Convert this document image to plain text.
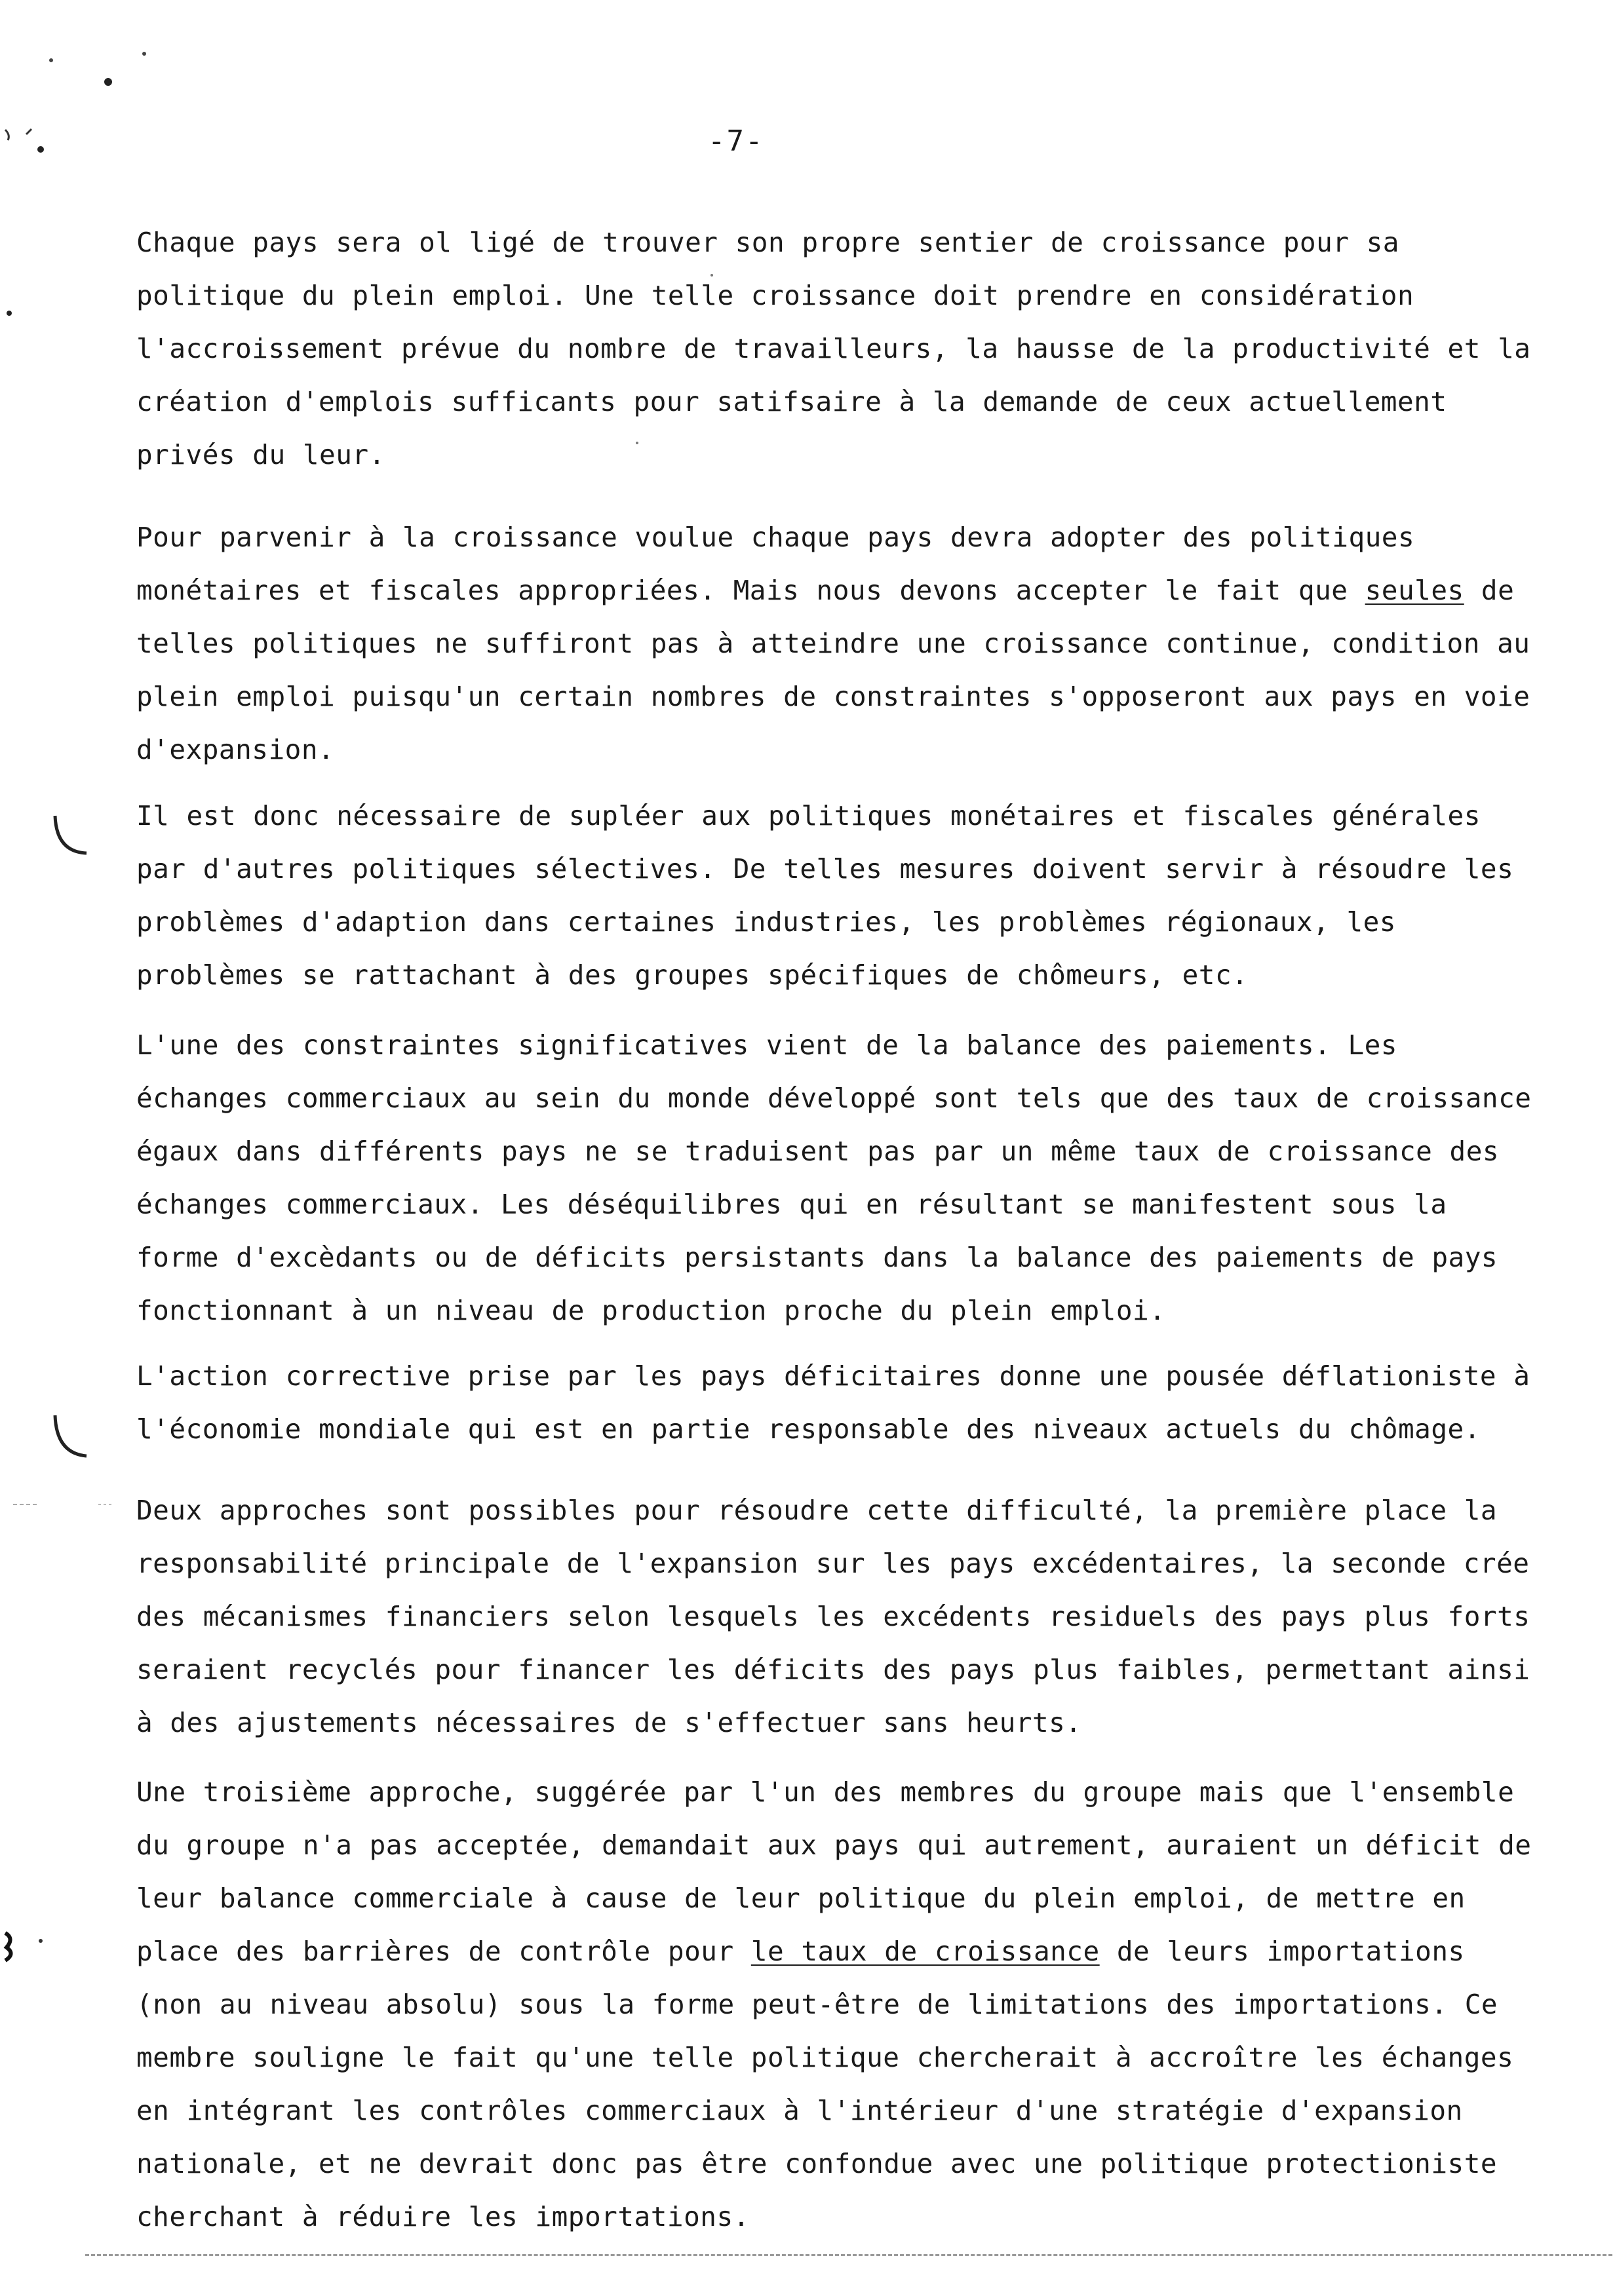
-7-

Chaque pays sera ol ligé de trouver son propre sentier de croissance pour sa politique du plein emploi. Une telle croissance doit prendre en considération l'accroissement prévue du nombre de travailleurs, la hausse de la productivité et la création d'emplois sufficants pour satifsaire à la demande de ceux actuellement privés du leur.

Pour parvenir à la croissance voulue chaque pays devra adopter des politiques monétaires et fiscales appropriées. Mais nous devons accepter le fait que seules de telles politiques ne suffiront pas à atteindre une croissance continue, condition au plein emploi puisqu'un certain nombres de constraintes s'opposeront aux pays en voie d'expansion.

Il est donc nécessaire de supléer aux politiques monétaires et fiscales générales par d'autres politiques sélectives. De telles mesures doivent servir à résoudre les problèmes d'adaption dans certaines industries, les problèmes régionaux, les problèmes se rattachant à des groupes spécifiques de chômeurs, etc.

L'une des constraintes significatives vient de la balance des paiements. Les échanges commerciaux au sein du monde développé sont tels que des taux de croissance égaux dans différents pays ne se traduisent pas par un même taux de croissance des échanges commerciaux. Les déséquilibres qui en résultant se manifestent sous la forme d'excèdants ou de déficits persistants dans la balance des paiements de pays fonctionnant à un niveau de production proche du plein emploi.

L'action corrective prise par les pays déficitaires donne une pousée déflationiste à l'économie mondiale qui est en partie responsable des niveaux actuels du chômage.

Deux approches sont possibles pour résoudre cette difficulté, la première place la responsabilité principale de l'expansion sur les pays excédentaires, la seconde crée des mécanismes financiers selon lesquels les excédents residuels des pays plus forts seraient recyclés pour financer les déficits des pays plus faibles, permettant ainsi à des ajustements nécessaires de s'effectuer sans heurts.

Une troisième approche, suggérée par l'un des membres du groupe mais que l'ensemble du groupe n'a pas acceptée, demandait aux pays qui autrement, auraient un déficit de leur balance commerciale à cause de leur politique du plein emploi, de mettre en place des barrières de contrôle pour le taux de croissance de leurs importations (non au niveau absolu) sous la forme peut-être de limitations des importations. Ce membre souligne le fait qu'une telle politique chercherait à accroître les échanges en intégrant les contrôles commerciaux à l'intérieur d'une stratégie d'expansion nationale, et ne devrait donc pas être confondue avec une politique protectioniste cherchant à réduire les importations.
